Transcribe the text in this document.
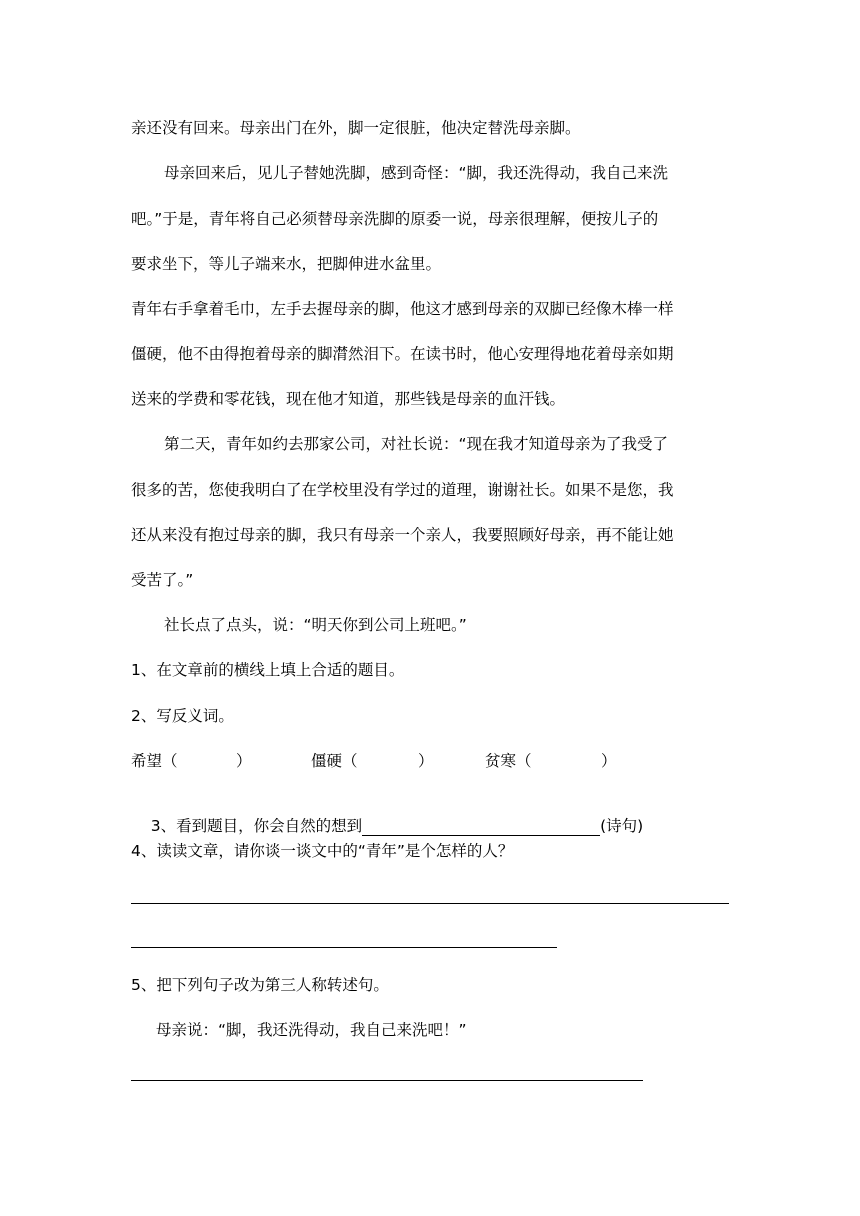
亲还没有回来。母亲出门在外，脚一定很脏，他决定替洗母亲脚。
母亲回来后，见儿子替她洗脚，感到奇怪：“脚，我还洗得动，我自己来洗
吧。”于是，青年将自己必须替母亲洗脚的原委一说，母亲很理解，便按儿子的
要求坐下，等儿子端来水，把脚伸进水盆里。
青年右手拿着毛巾，左手去握母亲的脚，他这才感到母亲的双脚已经像木棒一样
僵硬，他不由得抱着母亲的脚潸然泪下。在读书时，他心安理得地花着母亲如期
送来的学费和零花钱，现在他才知道，那些钱是母亲的血汗钱。
第二天，青年如约去那家公司，对社长说：“现在我才知道母亲为了我受了
很多的苦，您使我明白了在学校里没有学过的道理，谢谢社长。如果不是您，我
还从来没有抱过母亲的脚，我只有母亲一个亲人，我要照顾好母亲，再不能让她
受苦了。”
社长点了点头，说：“明天你到公司上班吧。”
1、在文章前的横线上填上合适的题目。
2、写反义词。
希望（	）	僵硬（	）	贫寒（	）

3、看到题目，你会自然的想到	(诗句)

4、读读文章，请你谈一谈文中的“青年”是个怎样的人？
5、把下列句子改为第三人称转述句。
母亲说：“脚，我还洗得动，我自己来洗吧！”
